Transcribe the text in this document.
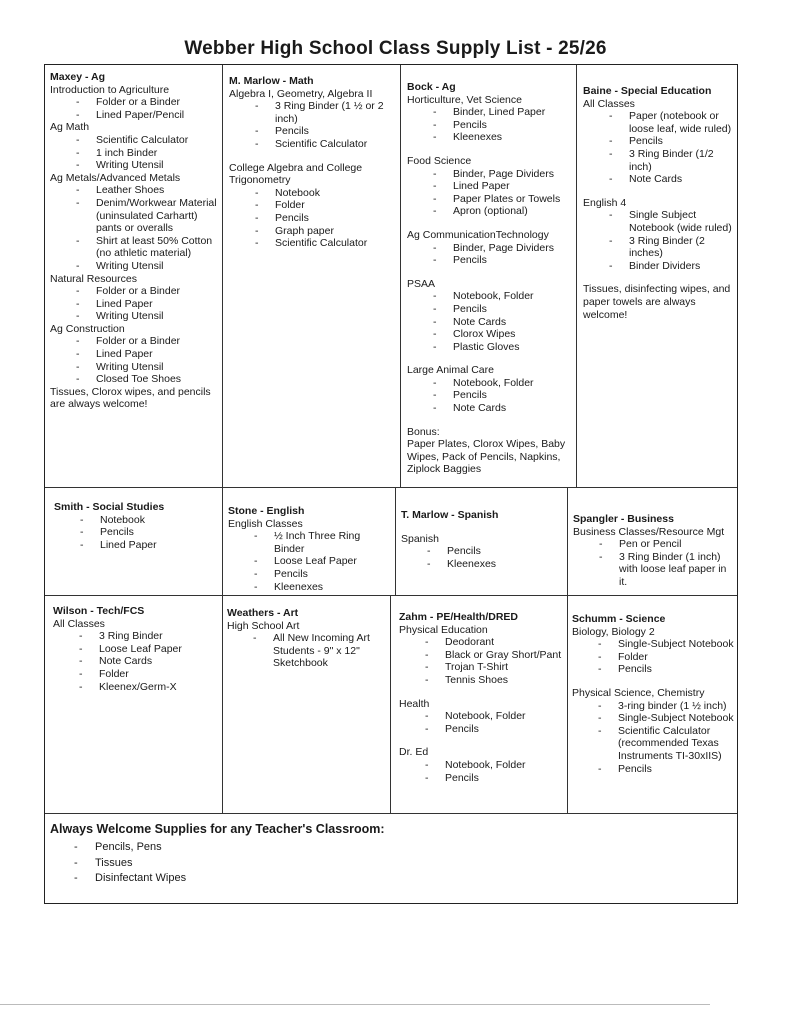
Webber High School Class Supply List - 25/26
Maxey - Ag
Introduction to Agriculture
- Folder or a Binder
- Lined Paper/Pencil
Ag Math
- Scientific Calculator
- 1 inch Binder
- Writing Utensil
Ag Metals/Advanced Metals
- Leather Shoes
- Denim/Workwear Material (uninsulated Carhartt) pants or overalls
- Shirt at least 50% Cotton (no athletic material)
- Writing Utensil
Natural Resources
- Folder or a Binder
- Lined Paper
- Writing Utensil
Ag Construction
- Folder or a Binder
- Lined Paper
- Writing Utensil
- Closed Toe Shoes
Tissues, Clorox wipes, and pencils are always welcome!
M. Marlow - Math
Algebra I, Geometry, Algebra II
- 3 Ring Binder (1 ½ or 2 inch)
- Pencils
- Scientific Calculator
College Algebra and College Trigonometry
- Notebook
- Folder
- Pencils
- Graph paper
- Scientific Calculator
Bock - Ag
Horticulture, Vet Science
- Binder, Lined Paper
- Pencils
- Kleenexes
Food Science
- Binder, Page Dividers
- Lined Paper
- Paper Plates or Towels
- Apron (optional)
Ag CommunicationTechnology
- Binder, Page Dividers
- Pencils
PSAA
- Notebook, Folder
- Pencils
- Note Cards
- Clorox Wipes
- Plastic Gloves
Large Animal Care
- Notebook, Folder
- Pencils
- Note Cards
Bonus:
Paper Plates, Clorox Wipes, Baby Wipes, Pack of Pencils, Napkins, Ziplock Baggies
Baine - Special Education
All Classes
- Paper (notebook or loose leaf, wide ruled)
- Pencils
- 3 Ring Binder (1/2 inch)
- Note Cards
English 4
- Single Subject Notebook (wide ruled)
- 3 Ring Binder (2 inches)
- Binder Dividers
Tissues, disinfecting wipes, and paper towels are always welcome!
Smith - Social Studies
- Notebook
- Pencils
- Lined Paper
Stone - English
English Classes
- ½ Inch Three Ring Binder
- Loose Leaf Paper
- Pencils
- Kleenexes
T. Marlow - Spanish
Spanish
- Pencils
- Kleenexes
Spangler - Business
Business Classes/Resource Mgt
- Pen or Pencil
- 3 Ring Binder (1 inch) with loose leaf paper in it.
Wilson - Tech/FCS
All Classes
- 3 Ring Binder
- Loose Leaf Paper
- Note Cards
- Folder
- Kleenex/Germ-X
Weathers - Art
High School Art
- All New Incoming Art Students - 9" x 12" Sketchbook
Zahm - PE/Health/DRED
Physical Education
- Deodorant
- Black or Gray Short/Pant
- Trojan T-Shirt
- Tennis Shoes
Health
- Notebook, Folder
- Pencils
Dr. Ed
- Notebook, Folder
- Pencils
Schumm - Science
Biology, Biology 2
- Single-Subject Notebook
- Folder
- Pencils
Physical Science, Chemistry
- 3-ring binder (1 ½ inch)
- Single-Subject Notebook
- Scientific Calculator (recommended Texas Instruments TI-30xIIS)
- Pencils
Always Welcome Supplies for any Teacher's Classroom:
- Pencils, Pens
- Tissues
- Disinfectant Wipes
